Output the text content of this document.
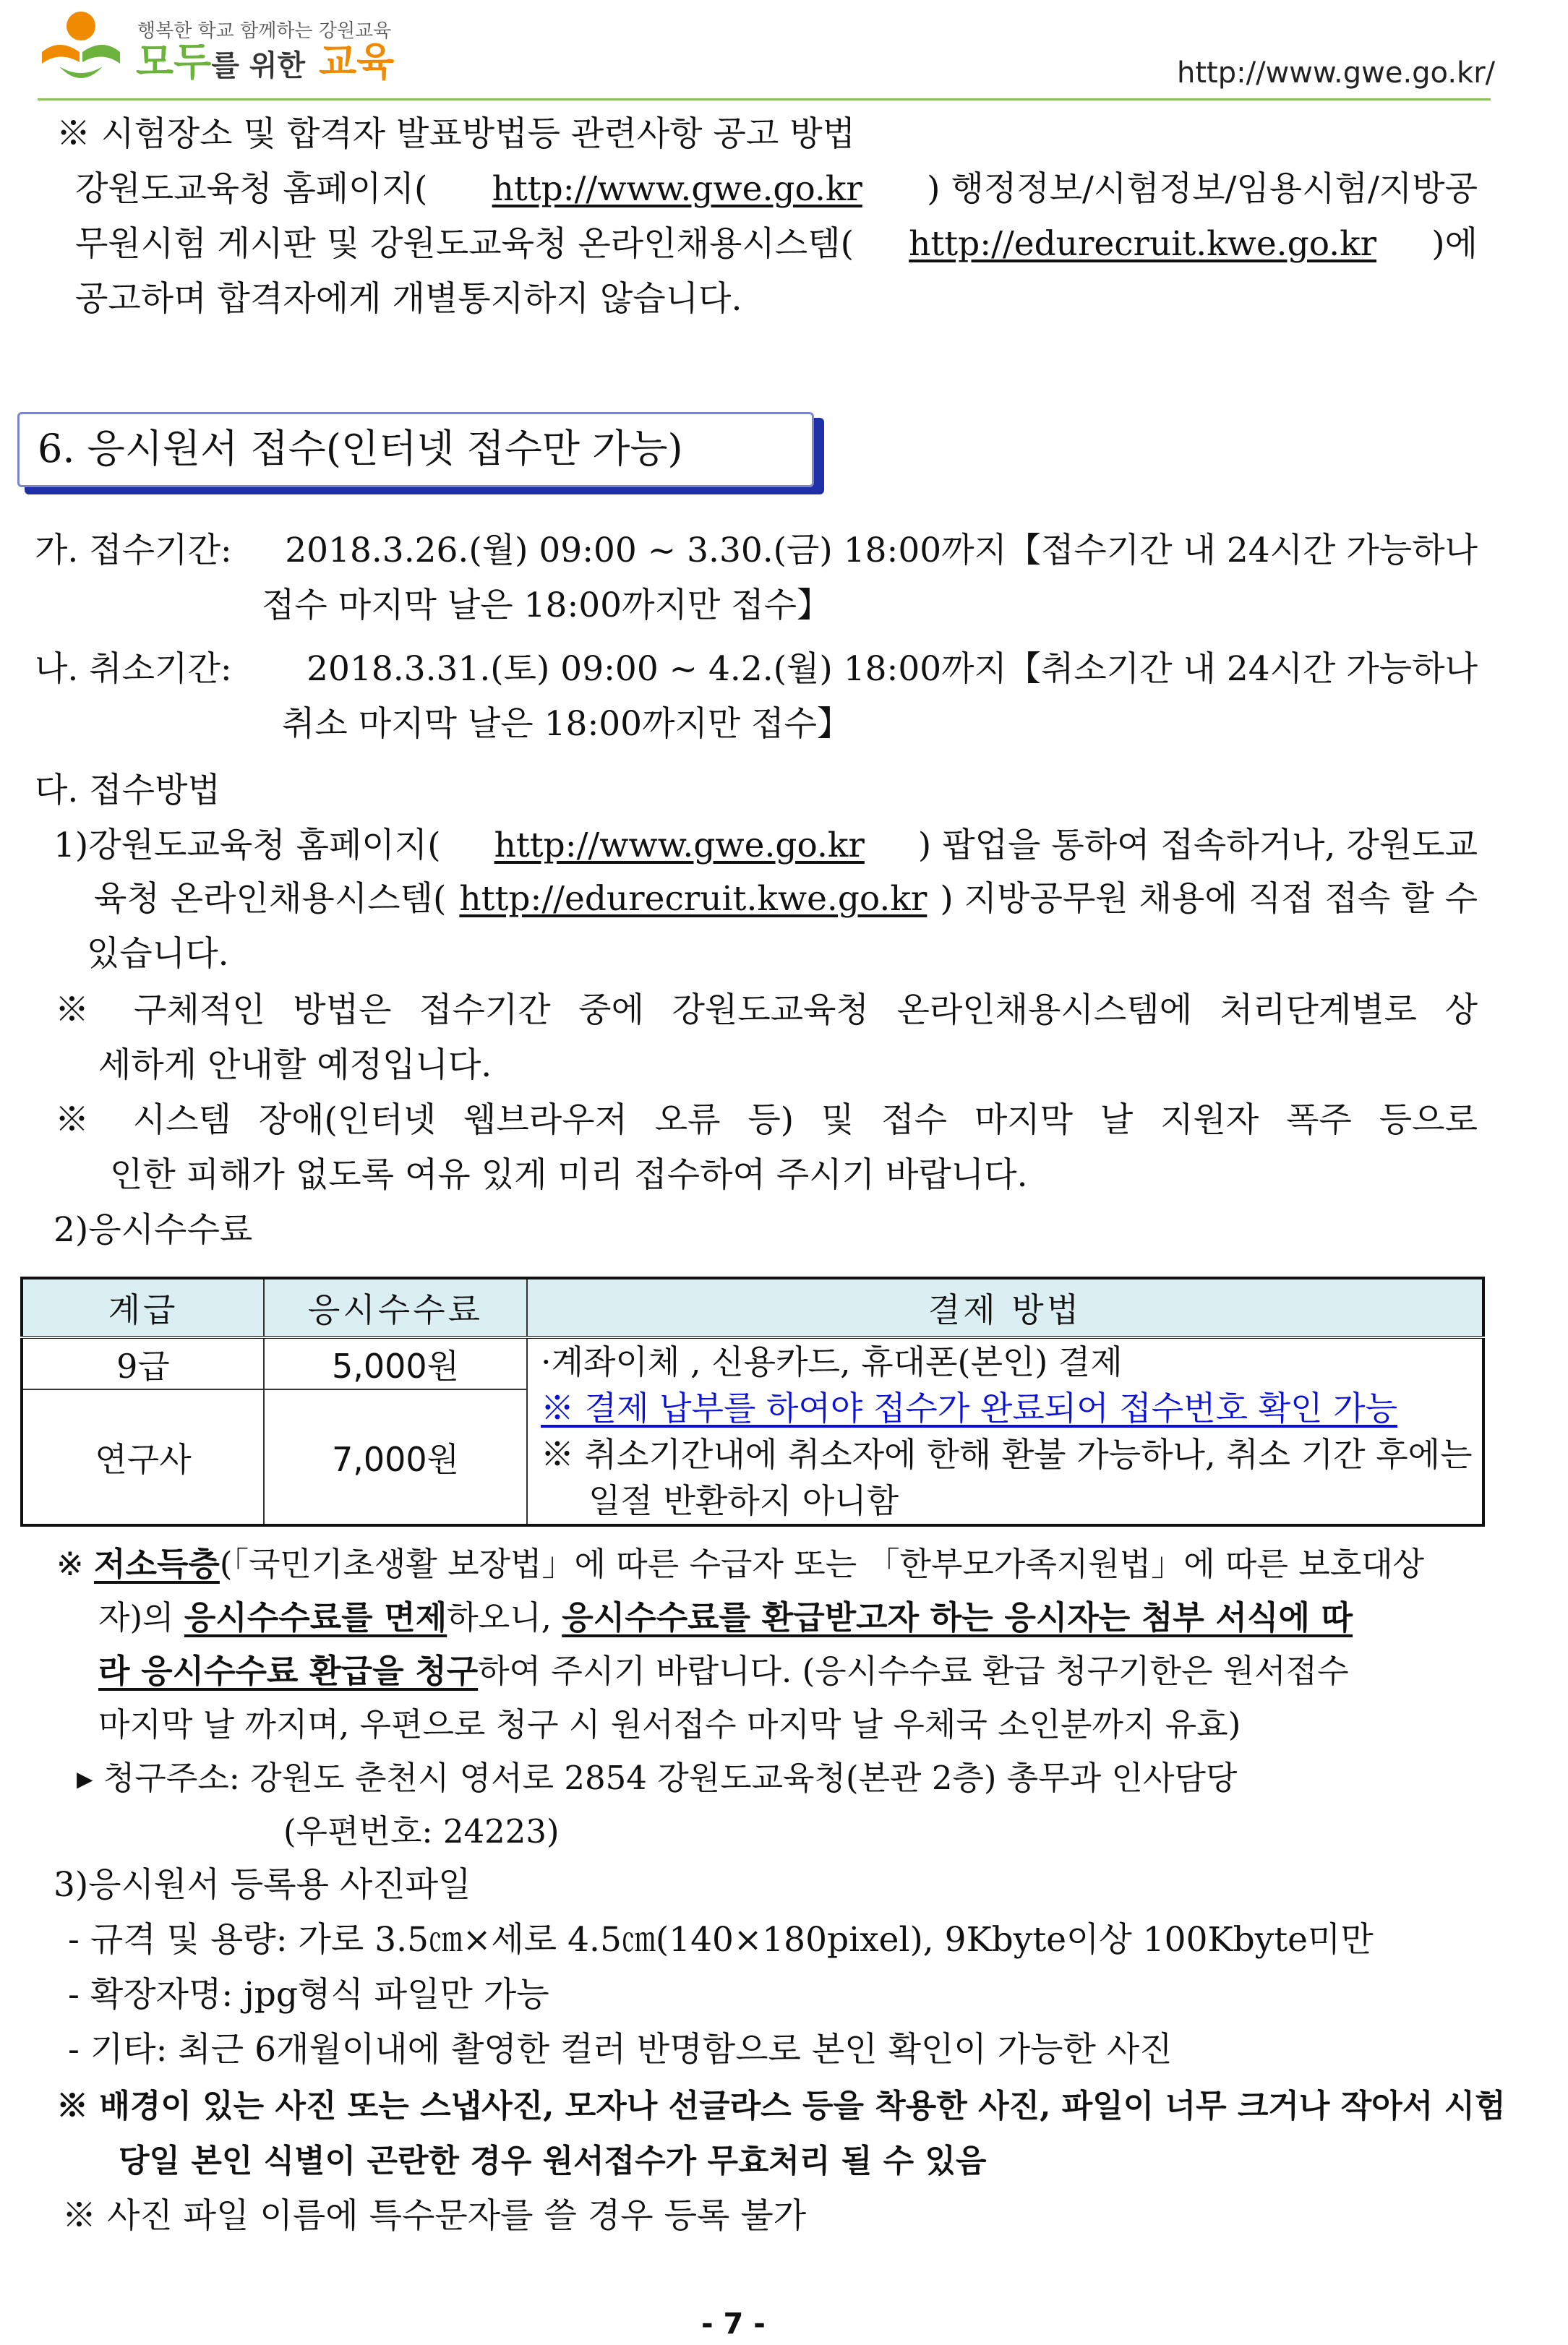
행복한 학교 함께하는 강원교육
모두를 위한 교육	http://www.gwe.go.kr/
※ 시험장소 및 합격자 발표방법등 관련사항 공고 방법
강원도교육청 홈페이지( http://www.gwe.go.kr ) 행정정보/시험정보/임용시험/지방공
무원시험 게시판 및 강원도교육청 온라인채용시스템( http://edurecruit.kwe.go.kr )에
공고하며 합격자에게 개별통지하지 않습니다.
6. 응시원서 접수(인터넷 접수만 가능)
가. 접수기간: 2018.3.26.(월) 09:00 ~ 3.30.(금) 18:00까지【접수기간 내 24시간 가능하나
접수 마지막 날은 18:00까지만 접수】
나. 취소기간: 2018.3.31.(토) 09:00 ~ 4.2.(월) 18:00까지【취소기간 내 24시간 가능하나
취소 마지막 날은 18:00까지만 접수】
다. 접수방법
1)강원도교육청 홈페이지( http://www.gwe.go.kr ) 팝업을 통하여 접속하거나, 강원도교
육청 온라인채용시스템( http://edurecruit.kwe.go.kr ) 지방공무원 채용에 직접 접속 할 수
있습니다.
※ 구체적인 방법은 접수기간 중에 강원도교육청 온라인채용시스템에 처리단계별로 상
세하게 안내할 예정입니다.
※ 시스템 장애(인터넷 웹브라우저 오류 등) 및 접수 마지막 날 지원자 폭주 등으로
인한 피해가 없도록 여유 있게 미리 접수하여 주시기 바랍니다.
2)응시수수료
계급	응시수수료	결제 방법
9급	5,000원	·계좌이체 , 신용카드, 휴대폰(본인) 결제
※ 결제 납부를 하여야 접수가 완료되어 접수번호 확인 가능
※ 취소기간내에 취소자에 한해 환불 가능하나, 취소 기간 후에는
일절 반환하지 아니함

연구사	7,000원	
※ 저소득층(「국민기초생활 보장법」에 따른 수급자 또는 「한부모가족지원법」에 따른 보호대상
자)의 응시수수료를 면제하오니, 응시수수료를 환급받고자 하는 응시자는 첨부 서식에 따
라 응시수수료 환급을 청구하여 주시기 바랍니다. (응시수수료 환급 청구기한은 원서접수
마지막 날 까지며, 우편으로 청구 시 원서접수 마지막 날 우체국 소인분까지 유효)
▸ 청구주소: 강원도 춘천시 영서로 2854 강원도교육청(본관 2층) 총무과 인사담당
(우편번호: 24223)
3)응시원서 등록용 사진파일
- 규격 및 용량: 가로 3.5㎝×세로 4.5㎝(140×180pixel), 9Kbyte이상 100Kbyte미만
- 확장자명: jpg형식 파일만 가능
- 기타: 최근 6개월이내에 촬영한 컬러 반명함으로 본인 확인이 가능한 사진
※ 배경이 있는 사진 또는 스냅사진, 모자나 선글라스 등을 착용한 사진, 파일이 너무 크거나 작아서 시험
당일 본인 식별이 곤란한 경우 원서접수가 무효처리 될 수 있음
※ 사진 파일 이름에 특수문자를 쓸 경우 등록 불가
- 7 -
